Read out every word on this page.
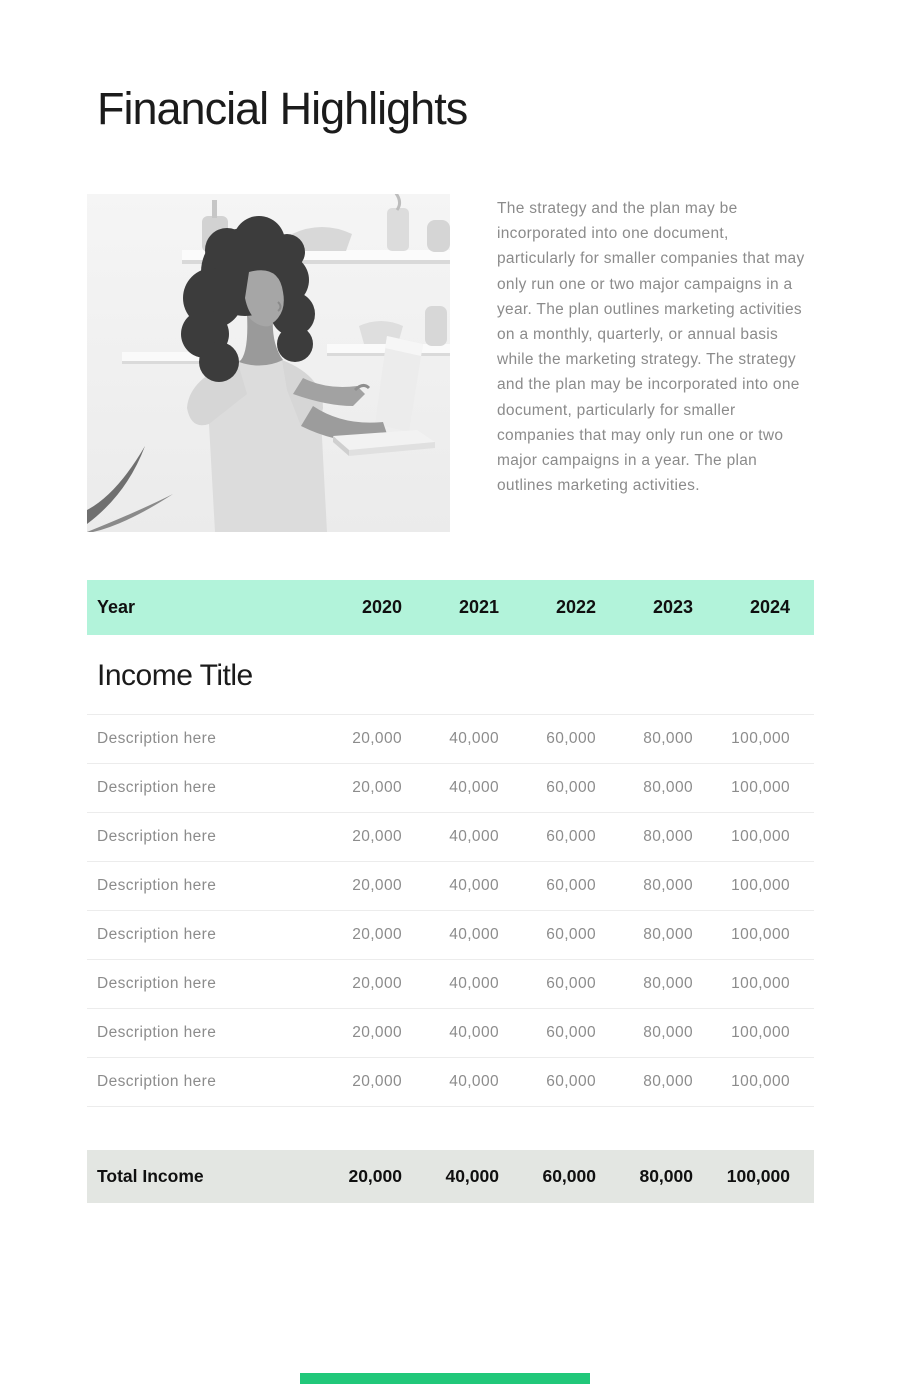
Financial Highlights

The strategy and the plan may be incorporated into one document, particularly for smaller companies that may only run one or two major campaigns in a year. The plan outlines marketing activities on a monthly, quarterly, or annual basis while the marketing strategy. The strategy and the plan may be incorporated into one document, particularly for smaller companies that may only run one or two major campaigns in a year. The plan outlines marketing activities.

Year	2020	2021	2022	2023	2024
Income Title
Description here	20,000	40,000	60,000	80,000	100,000
Description here	20,000	40,000	60,000	80,000	100,000
Description here	20,000	40,000	60,000	80,000	100,000
Description here	20,000	40,000	60,000	80,000	100,000
Description here	20,000	40,000	60,000	80,000	100,000
Description here	20,000	40,000	60,000	80,000	100,000
Description here	20,000	40,000	60,000	80,000	100,000
Description here	20,000	40,000	60,000	80,000	100,000
Total Income	20,000	40,000	60,000	80,000	100,000
